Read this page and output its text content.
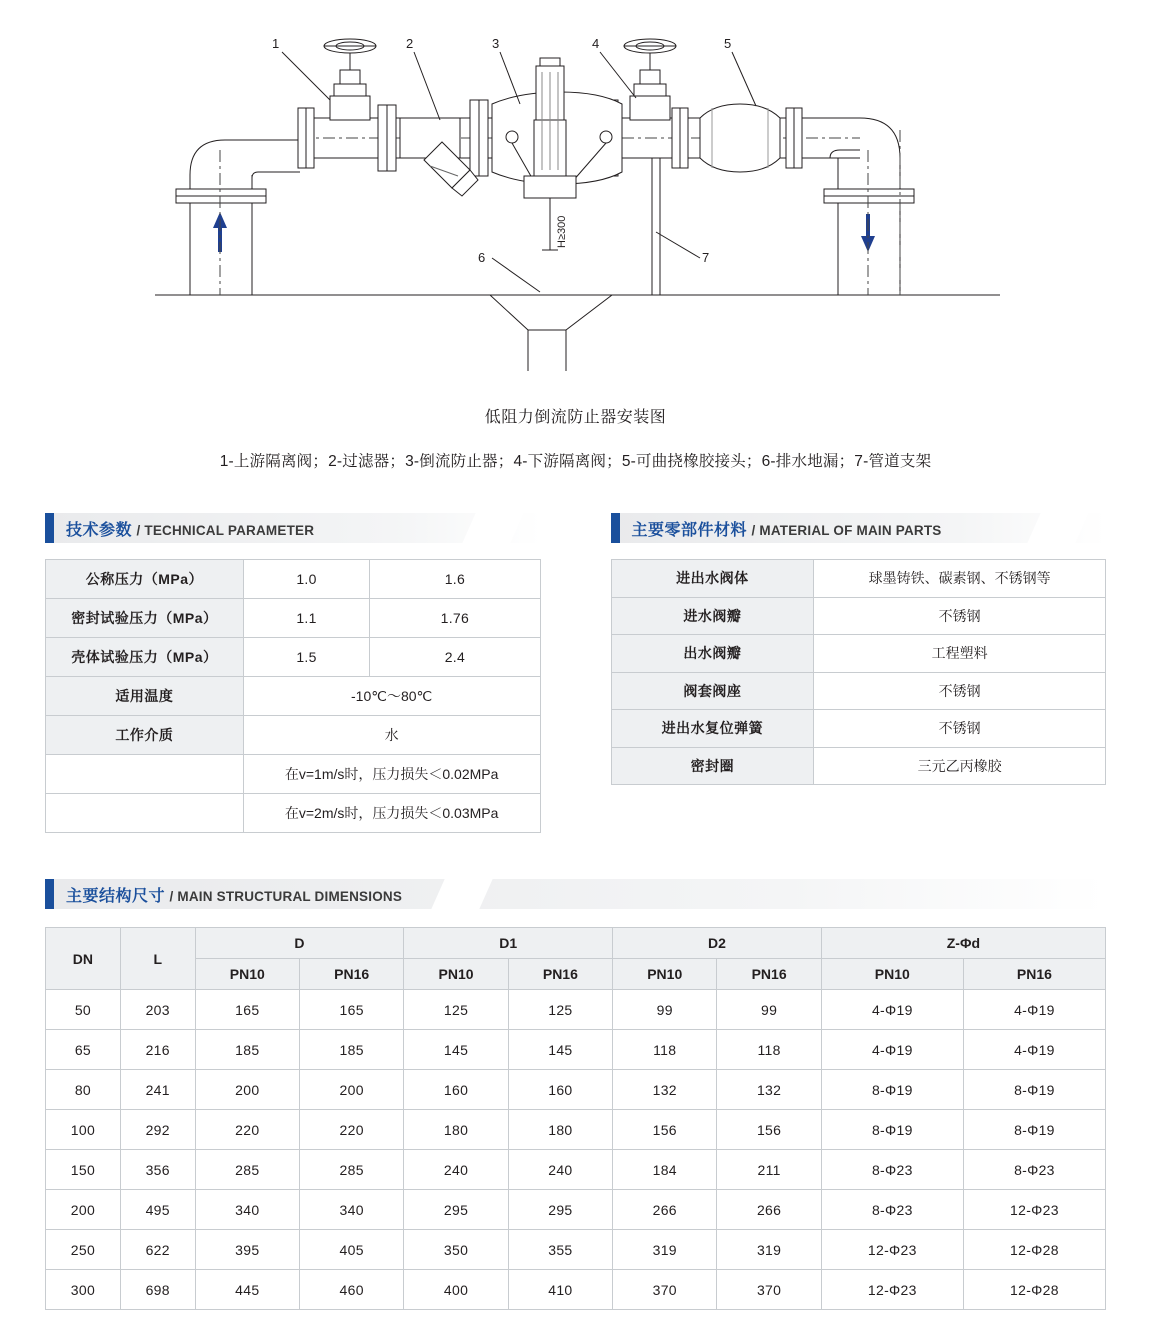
1	2	3	4	5
6	7
H≥300
低阻力倒流防止器安装图
1-上游隔离阀；2-过滤器；3-倒流防止器；4-下游隔离阀；5-可曲挠橡胶接头；6-排水地漏；7-管道支架
技术参数 / TECHNICAL PARAMETER
公称压力（MPa）	1.0	1.6
密封试验压力（MPa）	1.1	1.76
壳体试验压力（MPa）	1.5	2.4
适用温度	-10℃～80℃	
工作介质	水	
	在v=1m/s时，压力损失＜0.02MPa	
	在v=2m/s时，压力损失＜0.03MPa	
主要零部件材料 / MATERIAL OF MAIN PARTS
进出水阀体	球墨铸铁、碳素钢、不锈钢等
进水阀瓣	不锈钢
出水阀瓣	工程塑料
阀套阀座	不锈钢
进出水复位弹簧	不锈钢
密封圈	三元乙丙橡胶
主要结构尺寸 / MAIN STRUCTURAL DIMENSIONS
DN	L	D		D1		D2		Z-Φd	
		PN10	PN16	PN10	PN16	PN10	PN16	PN10	PN16
50	203	165	165	125	125	99	99	4-Φ19	4-Φ19
65	216	185	185	145	145	118	118	4-Φ19	4-Φ19
80	241	200	200	160	160	132	132	8-Φ19	8-Φ19
100	292	220	220	180	180	156	156	8-Φ19	8-Φ19
150	356	285	285	240	240	184	211	8-Φ23	8-Φ23
200	495	340	340	295	295	266	266	8-Φ23	12-Φ23
250	622	395	405	350	355	319	319	12-Φ23	12-Φ28
300	698	445	460	400	410	370	370	12-Φ23	12-Φ28
